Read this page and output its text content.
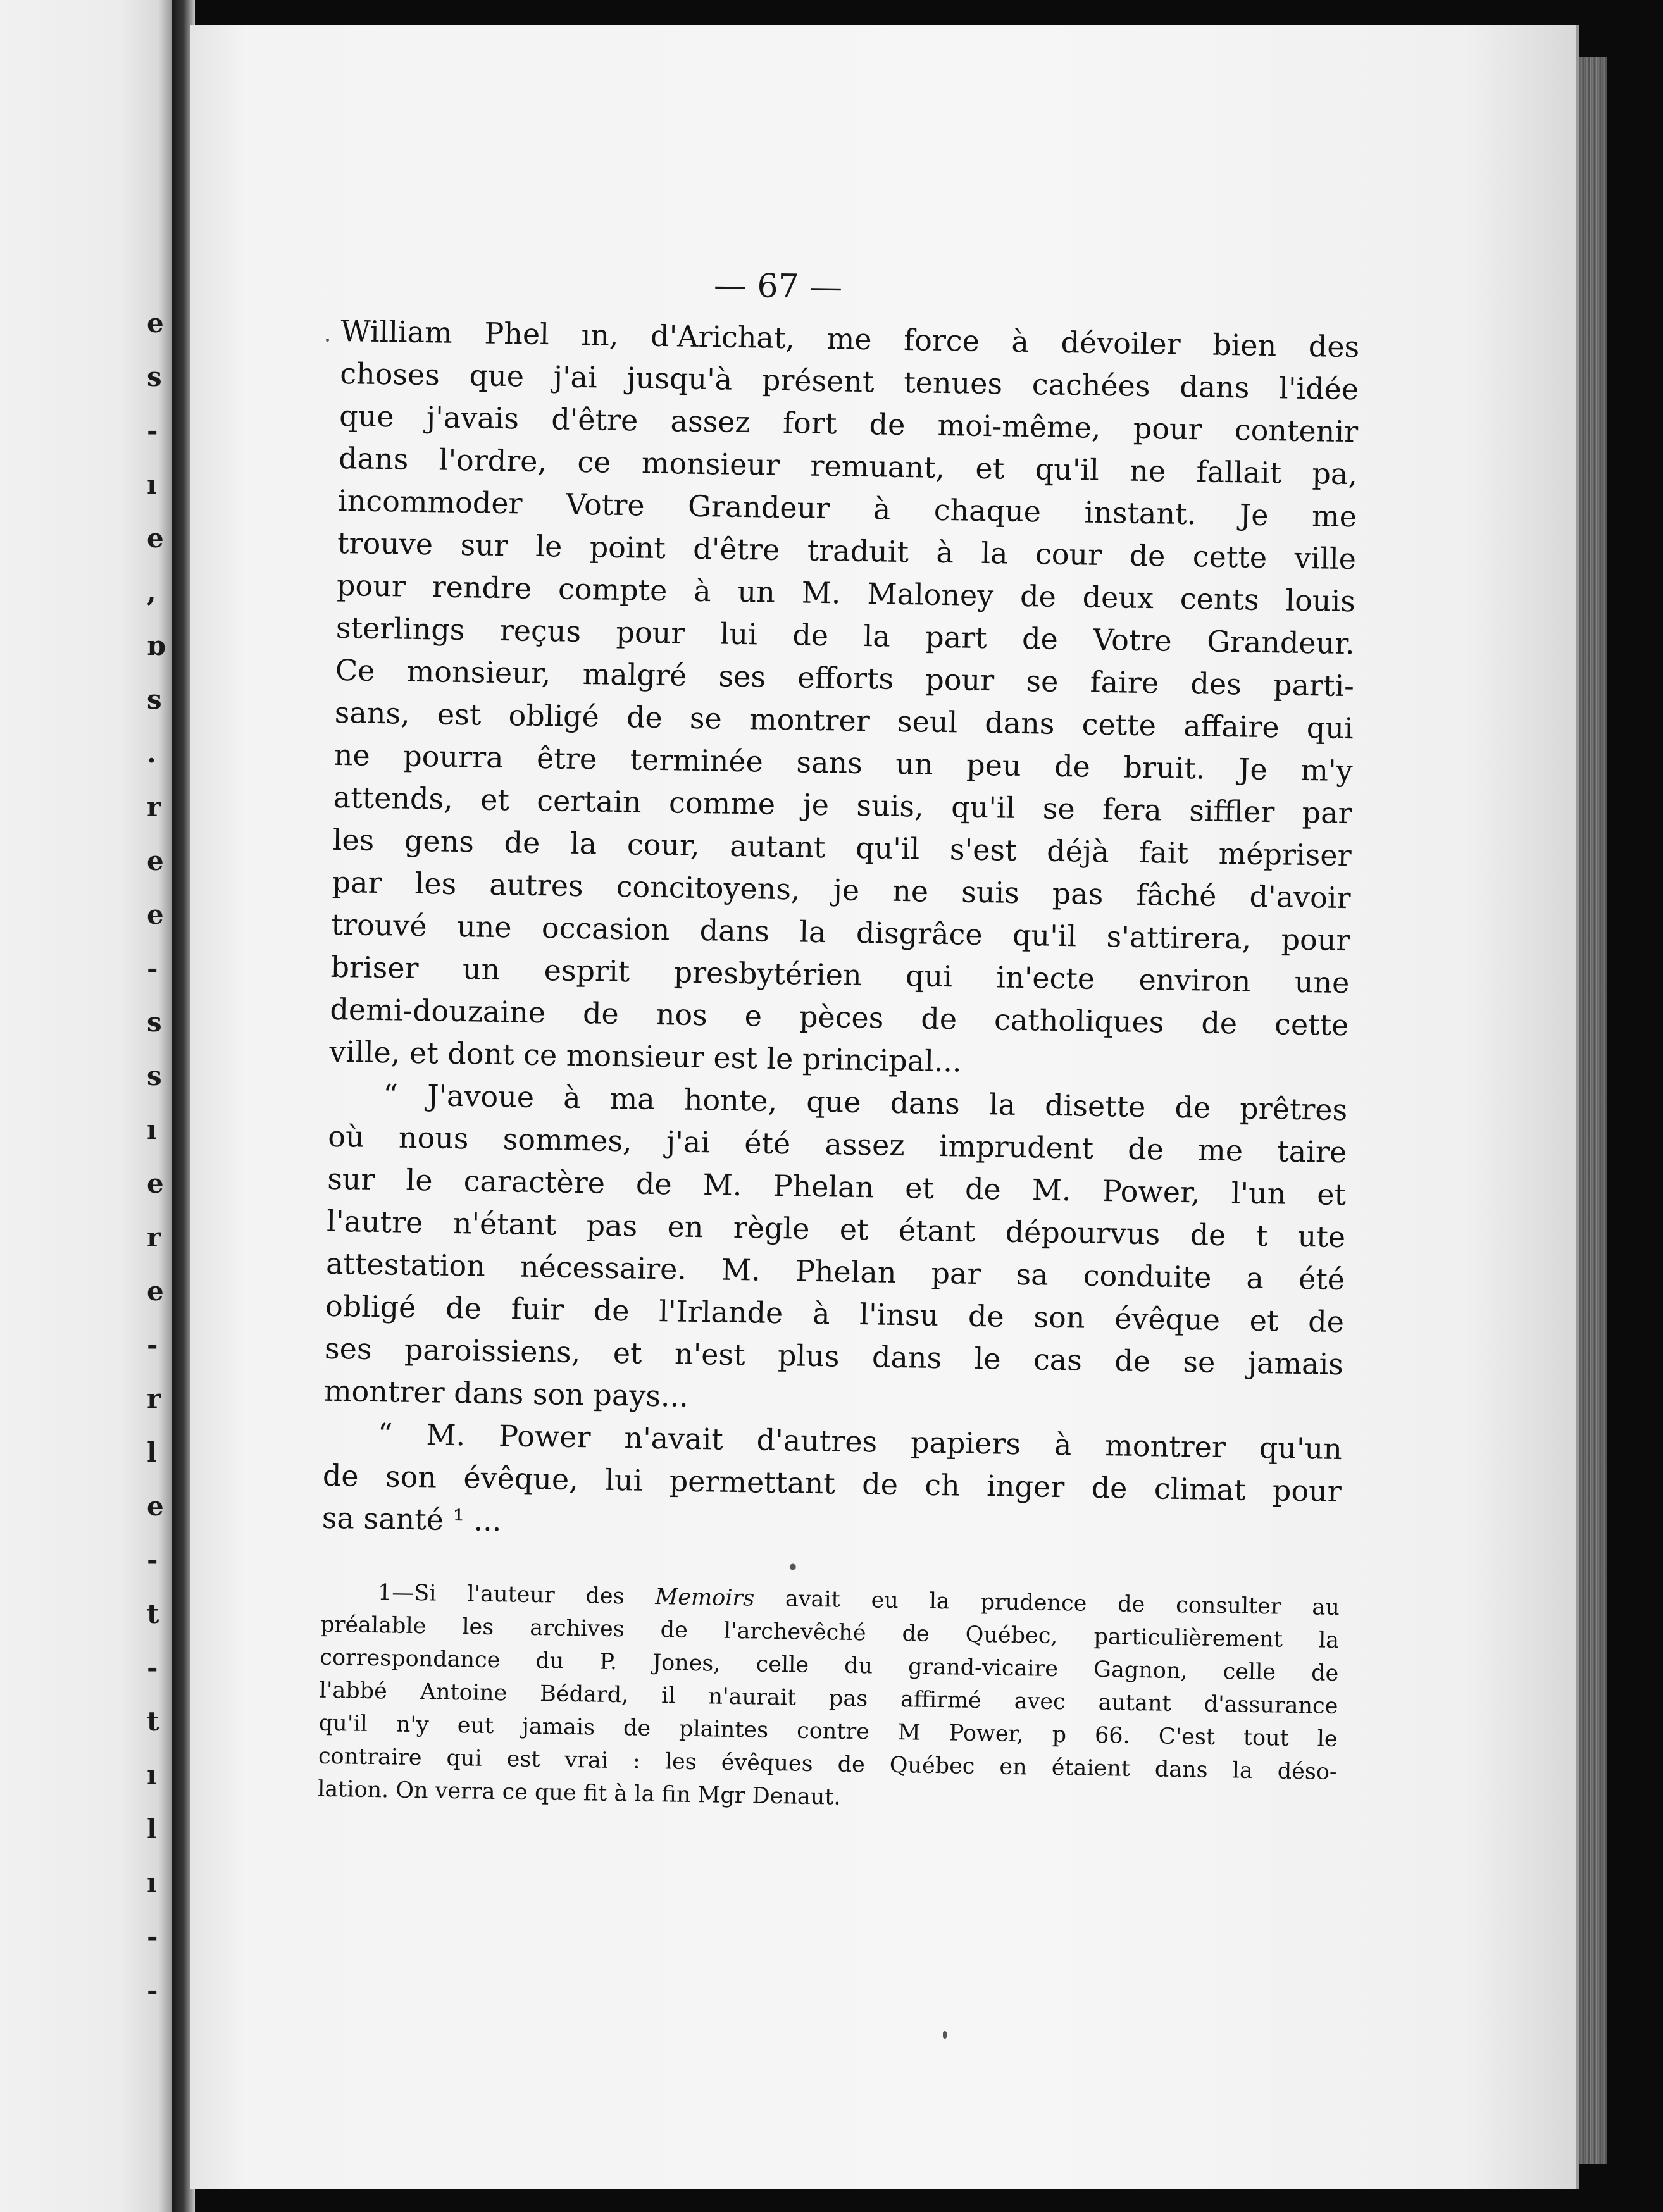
e
s
-
ı
e
,
ɒ
s
.
r
e
e
-
s
s
ı
e
r
e
-
r
l
e
-
t
-
t
ı
l
ı
-
-
— 67 —
William Phel ın, d'Arichat, me force à dévoiler bien des
choses que j'ai jusqu'à présent tenues cachées dans l'idée
que j'avais d'être assez fort de moi-même, pour contenir
dans l'ordre, ce monsieur remuant, et qu'il ne fallait pa,
incommoder Votre Grandeur à chaque instant. Je me
trouve sur le point d'être traduit à la cour de cette ville
pour rendre compte à un M. Maloney de deux cents louis
sterlings reçus pour lui de la part de Votre Grandeur.
Ce monsieur, malgré ses efforts pour se faire des parti-
sans, est obligé de se montrer seul dans cette affaire qui
ne pourra être terminée sans un peu de bruit. Je m'y
attends, et certain comme je suis, qu'il se fera siffler par
les gens de la cour, autant qu'il s'est déjà fait mépriser
par les autres concitoyens, je ne suis pas fâché d'avoir
trouvé une occasion dans la disgrâce qu'il s'attirera, pour
briser un esprit presbytérien qui in'ecte environ une
demi-douzaine de nos e pèces de catholiques de cette
ville, et dont ce monsieur est le principal...
“ J'avoue à ma honte, que dans la disette de prêtres
où nous sommes, j'ai été assez imprudent de me taire
sur le caractère de M. Phelan et de M. Power, l'un et
l'autre n'étant pas en règle et étant dépourvus de t ute
attestation nécessaire. M. Phelan par sa conduite a été
obligé de fuir de l'Irlande à l'insu de son évêque et de
ses paroissiens, et n'est plus dans le cas de se jamais
montrer dans son pays...
“ M. Power n'avait d'autres papiers à montrer qu'un
de son évêque, lui permettant de ch inger de climat pour
sa santé ¹ ...
1—Si l'auteur des Memoirs avait eu la prudence de consulter au
préalable les archives de l'archevêché de Québec, particulièrement la
correspondance du P. Jones, celle du grand-vicaire Gagnon, celle de
l'abbé Antoine Bédard, il n'aurait pas affirmé avec autant d'assurance
qu'il n'y eut jamais de plaintes contre M Power, p 66. C'est tout le
contraire qui est vrai : les évêques de Québec en étaient dans la déso-
lation. On verra ce que fit à la fin Mgr Denaut.
